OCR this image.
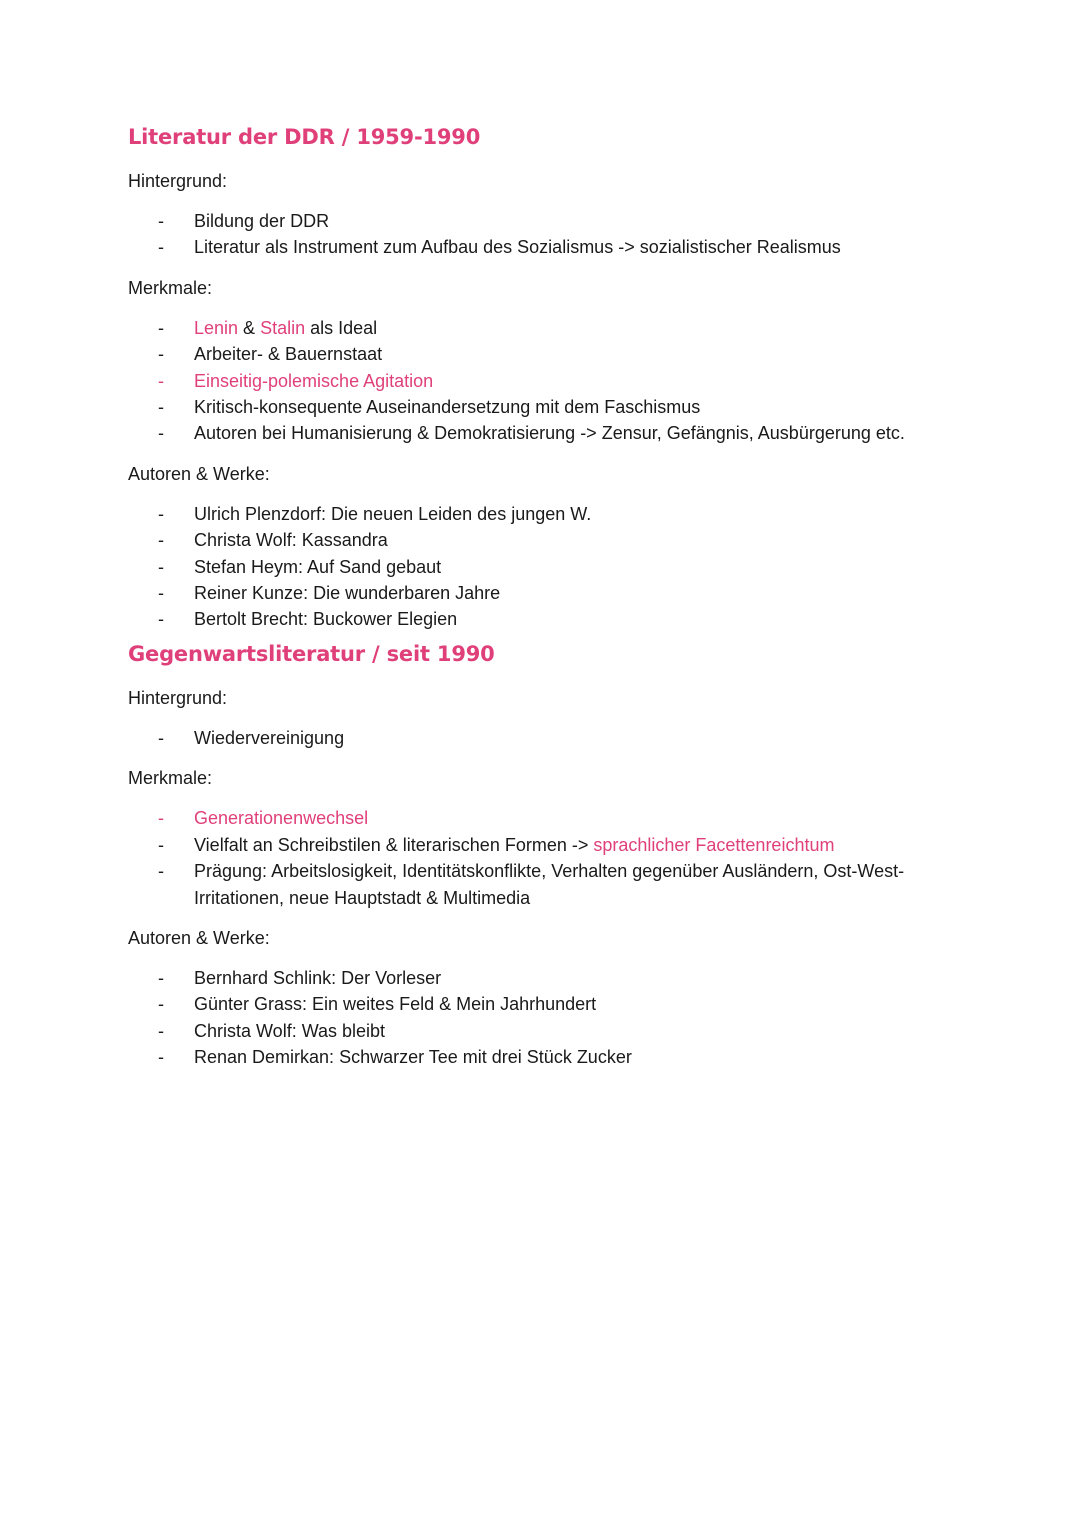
Literatur der DDR / 1959-1990

Hintergrund:

- Bildung der DDR
- Literatur als Instrument zum Aufbau des Sozialismus -> sozialistischer Realismus

Merkmale:

- Lenin & Stalin als Ideal
- Arbeiter- & Bauernstaat
- Einseitig-polemische Agitation
- Kritisch-konsequente Auseinandersetzung mit dem Faschismus
- Autoren bei Humanisierung & Demokratisierung -> Zensur, Gefängnis, Ausbürgerung etc.

Autoren & Werke:

- Ulrich Plenzdorf: Die neuen Leiden des jungen W.
- Christa Wolf: Kassandra
- Stefan Heym: Auf Sand gebaut
- Reiner Kunze: Die wunderbaren Jahre
- Bertolt Brecht: Buckower Elegien
Gegenwartsliteratur / seit 1990

Hintergrund:

- Wiedervereinigung

Merkmale:

- Generationenwechsel
- Vielfalt an Schreibstilen & literarischen Formen -> sprachlicher Facettenreichtum
- Prägung: Arbeitslosigkeit, Identitätskonflikte, Verhalten gegenüber Ausländern, Ost-West-Irritationen, neue Hauptstadt & Multimedia

Autoren & Werke:

- Bernhard Schlink: Der Vorleser
- Günter Grass: Ein weites Feld & Mein Jahrhundert
- Christa Wolf: Was bleibt
- Renan Demirkan: Schwarzer Tee mit drei Stück Zucker
